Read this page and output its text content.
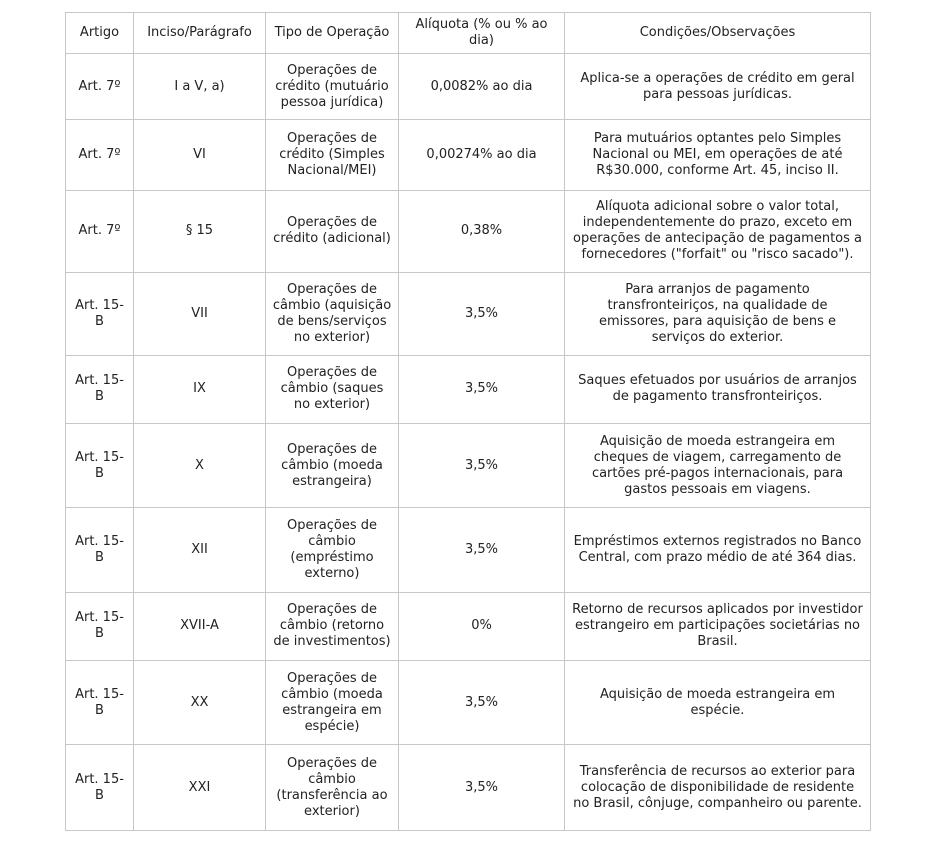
Artigo	Inciso/Parágrafo	Tipo de Operação	Alíquota (% ou % ao dia)	Condições/Observações
Art. 7º	I a V, a)	Operações de crédito (mutuário pessoa jurídica)	0,0082% ao dia	Aplica-se a operações de crédito em geral para pessoas jurídicas.
Art. 7º	VI	Operações de crédito (Simples Nacional/MEI)	0,00274% ao dia	Para mutuários optantes pelo Simples Nacional ou MEI, em operações de até R$30.000, conforme Art. 45, inciso II.
Art. 7º	§ 15	Operações de crédito (adicional)	0,38%	Alíquota adicional sobre o valor total, independentemente do prazo, exceto em operações de antecipação de pagamentos a fornecedores ("forfait" ou "risco sacado").
Art. 15-B	VII	Operações de câmbio (aquisição de bens/serviços no exterior)	3,5%	Para arranjos de pagamento transfronteiriços, na qualidade de emissores, para aquisição de bens e serviços do exterior.
Art. 15-B	IX	Operações de câmbio (saques no exterior)	3,5%	Saques efetuados por usuários de arranjos de pagamento transfronteiriços.
Art. 15-B	X	Operações de câmbio (moeda estrangeira)	3,5%	Aquisição de moeda estrangeira em cheques de viagem, carregamento de cartões pré-pagos internacionais, para gastos pessoais em viagens.
Art. 15-B	XII	Operações de câmbio (empréstimo externo)	3,5%	Empréstimos externos registrados no Banco Central, com prazo médio de até 364 dias.
Art. 15-B	XVII-A	Operações de câmbio (retorno de investimentos)	0%	Retorno de recursos aplicados por investidor estrangeiro em participações societárias no Brasil.
Art. 15-B	XX	Operações de câmbio (moeda estrangeira em espécie)	3,5%	Aquisição de moeda estrangeira em espécie.
Art. 15-B	XXI	Operações de câmbio (transferência ao exterior)	3,5%	Transferência de recursos ao exterior para colocação de disponibilidade de residente no Brasil, cônjuge, companheiro ou parente.
